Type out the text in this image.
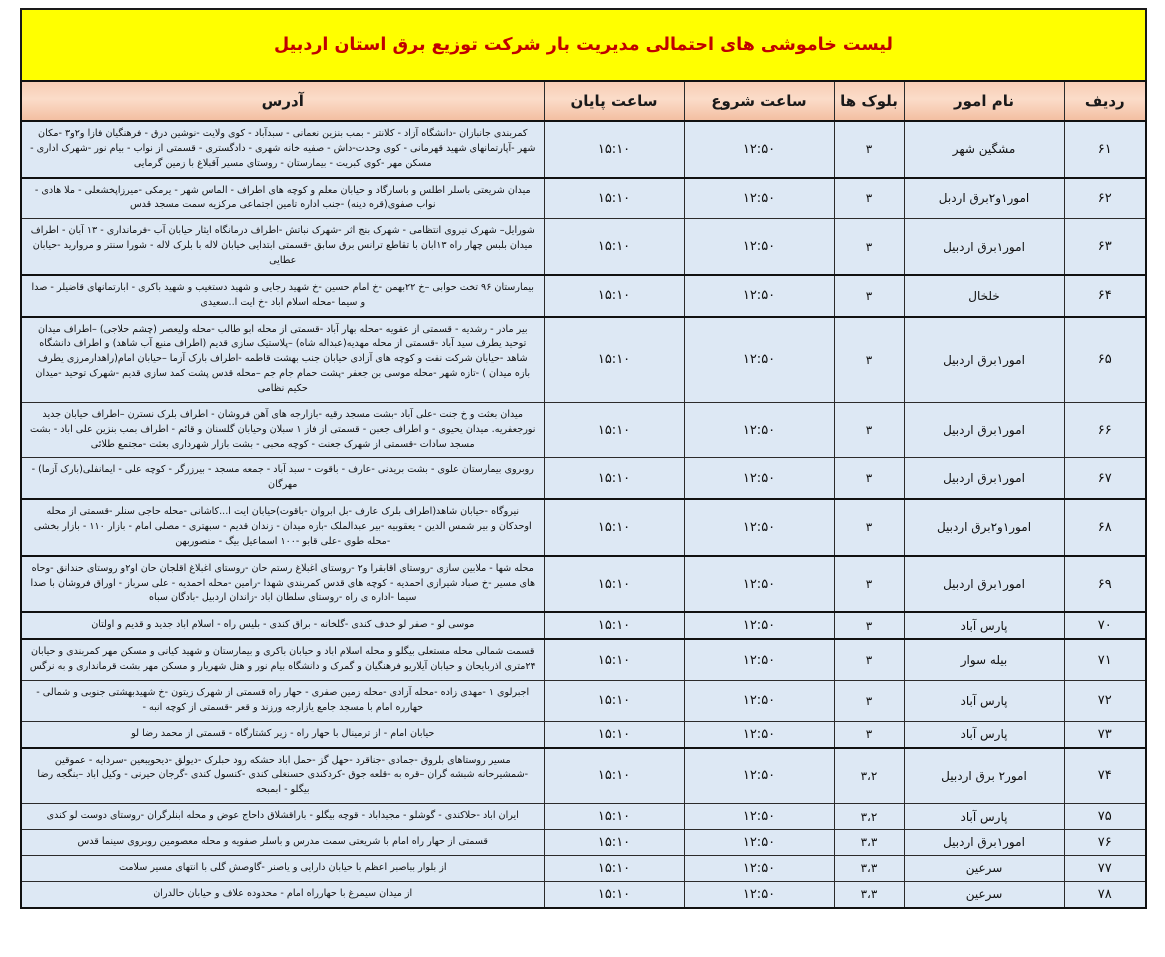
لیست خاموشی های احتمالی مدیریت بار شرکت توزیع برق استان اردبیل
ردیف	نام امور	بلوک ها	ساعت شروع	ساعت پایان	آدرس
۶۱	مشگین شهر	۳	۱۲:۵۰	۱۵:۱۰	کمربندی جانبازان -دانشگاه آزاد - کلانتر - بمب بنزین نعمانی - سبدآباد - کوی ولایت -نوشین درق - فرهنگیان فازا و۲و۳ -مکان شهر -آپارتمانهای شهید قهرمانی - کوی وحدت-داش - صفیه خانه شهری - دادگستری - قسمتی از نواب - بیام نور -شهرک اداری - مسکن مهر -کوی کبریت - بیمارستان - روستای مسیر آقبلاغ با زمین گرمایی
۶۲	امور۱و۲برق اردبل	۳	۱۲:۵۰	۱۵:۱۰	میدان شریعتی باسلر اطلس و باسارگاد و حیابان معلم و کوچه های اطراف - الماس شهر - یرمکی -میرزاپخشعلی - ملا هادی - نواب صفوی(قره دینه) -جنب اداره تامین اجتماعی مرکزیه سمت مسجد قدس
۶۳	امور۱برق اردبیل	۳	۱۲:۵۰	۱۵:۱۰	شورایل– شهرک نیروی انتظامی - شهرک بنج اثر -شهرک نباتش -اطراف درمانگاه ایثار حیابان آب -فرمانداری - ۱۳ آبان - اطراف میدان بلبس چهار راه ۱۳ابان با تقاطع ترانس برق سابق -قسمتی ابتدایی خیابان لاله با بلرک لاله - شورا سنتر و مروارید -حیابان عطایی
۶۴	خلخال	۳	۱۲:۵۰	۱۵:۱۰	بیمارستان ۹۶ تخت حوابی –خ ۲۲بهمن -خ امام حسین -خ شهید رجایی و شهید دستغیب و شهید باکری - ابارتمانهای قاضیلر - صدا و سیما -محله اسلام اباد -خ ایت ا..سعیدی
۶۵	امور۱برق اردبیل	۳	۱۲:۵۰	۱۵:۱۰	بیر مادر - رشدیه - قسمتی از عفویه -محله بهار آباد -قسمتی از محله ابو طالب -محله ولیعصر (چشم حلاجی) –اطراف میدان توحید یطرف سید آباد -قسمتی از محله مهدیه(عبداله شاه) –پلاستیک سازی قدیم (اطراف منبع آب شاهد) و اطراف دانشگاه شاهد -حیابان شرکت نفت و کوچه های آزادی حیابان جنب بهشت قاطمه -اطراف بارک آزما –حیابان امام(راهدارمرزی یطرف بازه میدان ) -تازه شهر -محله موسی بن جعفر -پشت حمام جام جم –محله قدس پشت کمد سازی قدیم -شهرک توحید -میدان حکیم نظامی
۶۶	امور۱برق اردبیل	۳	۱۲:۵۰	۱۵:۱۰	میدان بعثت و خ جنت -علی آباد -بشت مسجد رقیه -بازارجه های آهن فروشان - اطراف بلرک نسترن –اطراف حیابان جدید نورجعفریه. میدان یحیوی - و اطراف جعبن - قسمتی از فاز ۱ سبلان وحیابان گلسنان و قائم - اطراف بمب بنزین علی اباد - بشت مسجد سادات -قسمتی از شهرک جعنت - کوچه محبی - بشت بازار شهرداری بعثت -مجتمع طلائی
۶۷	امور۱برق اردبیل	۳	۱۲:۵۰	۱۵:۱۰	روبروی بیمارستان علوی - بشت بریدنی -عارف - باقوت - سبد آباد - جمعه مسجد - بیرزرگر - کوچه علی - ایمانفلی(بارک آزما) - مهرگان
۶۸	امور۱و۲برق اردبیل	۳	۱۲:۵۰	۱۵:۱۰	نیروگاه -حیابان شاهد(اطراف بلرک عارف -بل ابروان -باقوت)حیابان ایت ا...کاشانی -محله حاجی سنلر -قسمتی از محله اوحدکان و بیر شمس الدین - یعقوبیه -بیر عبدالملک -بازه میدان - زندان قدیم - سبهتری - مصلی امام - بازار ۱۱۰ - بازار بخشی -محله طوی -علی قابو -۱۰۰ اسماعیل بیگ - منصوربهن
۶۹	امور۱برق اردبیل	۳	۱۲:۵۰	۱۵:۱۰	محله شها - ملابین سازی -روستای اقابقرا و۲ -روستای اغبلاغ رستم حان -روستای اغبلاغ اقلجان حان او۲و روستای حندانق -وحاه های مسیر -خ صباد شیرازی احمدیه - کوچه های قدس کمربندی شهدا -رامین -محله احمدیه - علی سرباز - اوراق فروشان با صدا سیما -اداره ی راه -روستای سلطان اباد -زاندان اردبیل -بادگان سباه
۷۰	پارس آباد	۳	۱۲:۵۰	۱۵:۱۰	موسی لو - صفر لو خدف کندی -گلخانه - براق کندی - بلیس راه - اسلام اباد جدید و قدیم و اولتان
۷۱	بیله سوار	۳	۱۲:۵۰	۱۵:۱۰	قسمت شمالی محله مستعلی بیگلو و محله اسلام اباد و حیابان باکری و بیمارستان و شهید کیانی و مسکن مهر کمربندی و حیابان ۲۴متری اذربایحان و حیابان آیلاریو فرهنگیان و گمرک و دانشگاه بیام نور و هتل شهریار و مسکن مهر بشت قرمانداری و به نرگس
۷۲	پارس آباد	۳	۱۲:۵۰	۱۵:۱۰	اجبرلوی ۱ -مهدی زاده -محله آزادی -محله زمین صفری - حهار راه قسمتی از شهرک زیتون -خ شهیدبهشتی جنوبی و شمالی - حهارره امام با مسجد جامع یازارجه ورزند و قعر -قسمتی از کوچه انبه -
۷۳	پارس آباد	۳	۱۲:۵۰	۱۵:۱۰	حیابان امام - از ترمینال با حهار راه - زیر کشتارگاه - قسمتی از محمد رضا لو
۷۴	امور۲ برق اردبیل	۳،۲	۱۲:۵۰	۱۵:۱۰	مسیر روستاهای بلروق -جمادی -جناقرد -حهل گز -حمل اباد حشکه رود حبلرک -دیولق -دیحویبعین -سردایه - عموقین -شمشیرحانه شبشه گران –قره به -قلعه جوق -کردکندی حسنغلی کندی -کنسول کندی -گرجان حیرنی - وکیل اباد –بنگجه رضا بیگلو - ابمبحه
۷۵	پارس آباد	۳،۲	۱۲:۵۰	۱۵:۱۰	ایران اباد -حلاکندی - گوشلو - مجیداباد - قوچه بیگلو - باراقشلاق داحاج عوض و محله ابنلرگران -روستای دوست لو کندی
۷۶	امور۱برق اردبیل	۳،۳	۱۲:۵۰	۱۵:۱۰	قسمتی از حهار راه امام با شریعتی سمت مدرس و باسلر صفویه و محله معصومین روبروی سینما قدس
۷۷	سرعین	۳،۳	۱۲:۵۰	۱۵:۱۰	از بلوار بباصبر اعظم با حیابان دارایی و یاصنر -گاوصش گلی با انتهای مسیر سلامت
۷۸	سرعین	۳،۳	۱۲:۵۰	۱۵:۱۰	از میدان سیمرغ با حهارراه امام - محدوده علاف و حیابان حالدران
